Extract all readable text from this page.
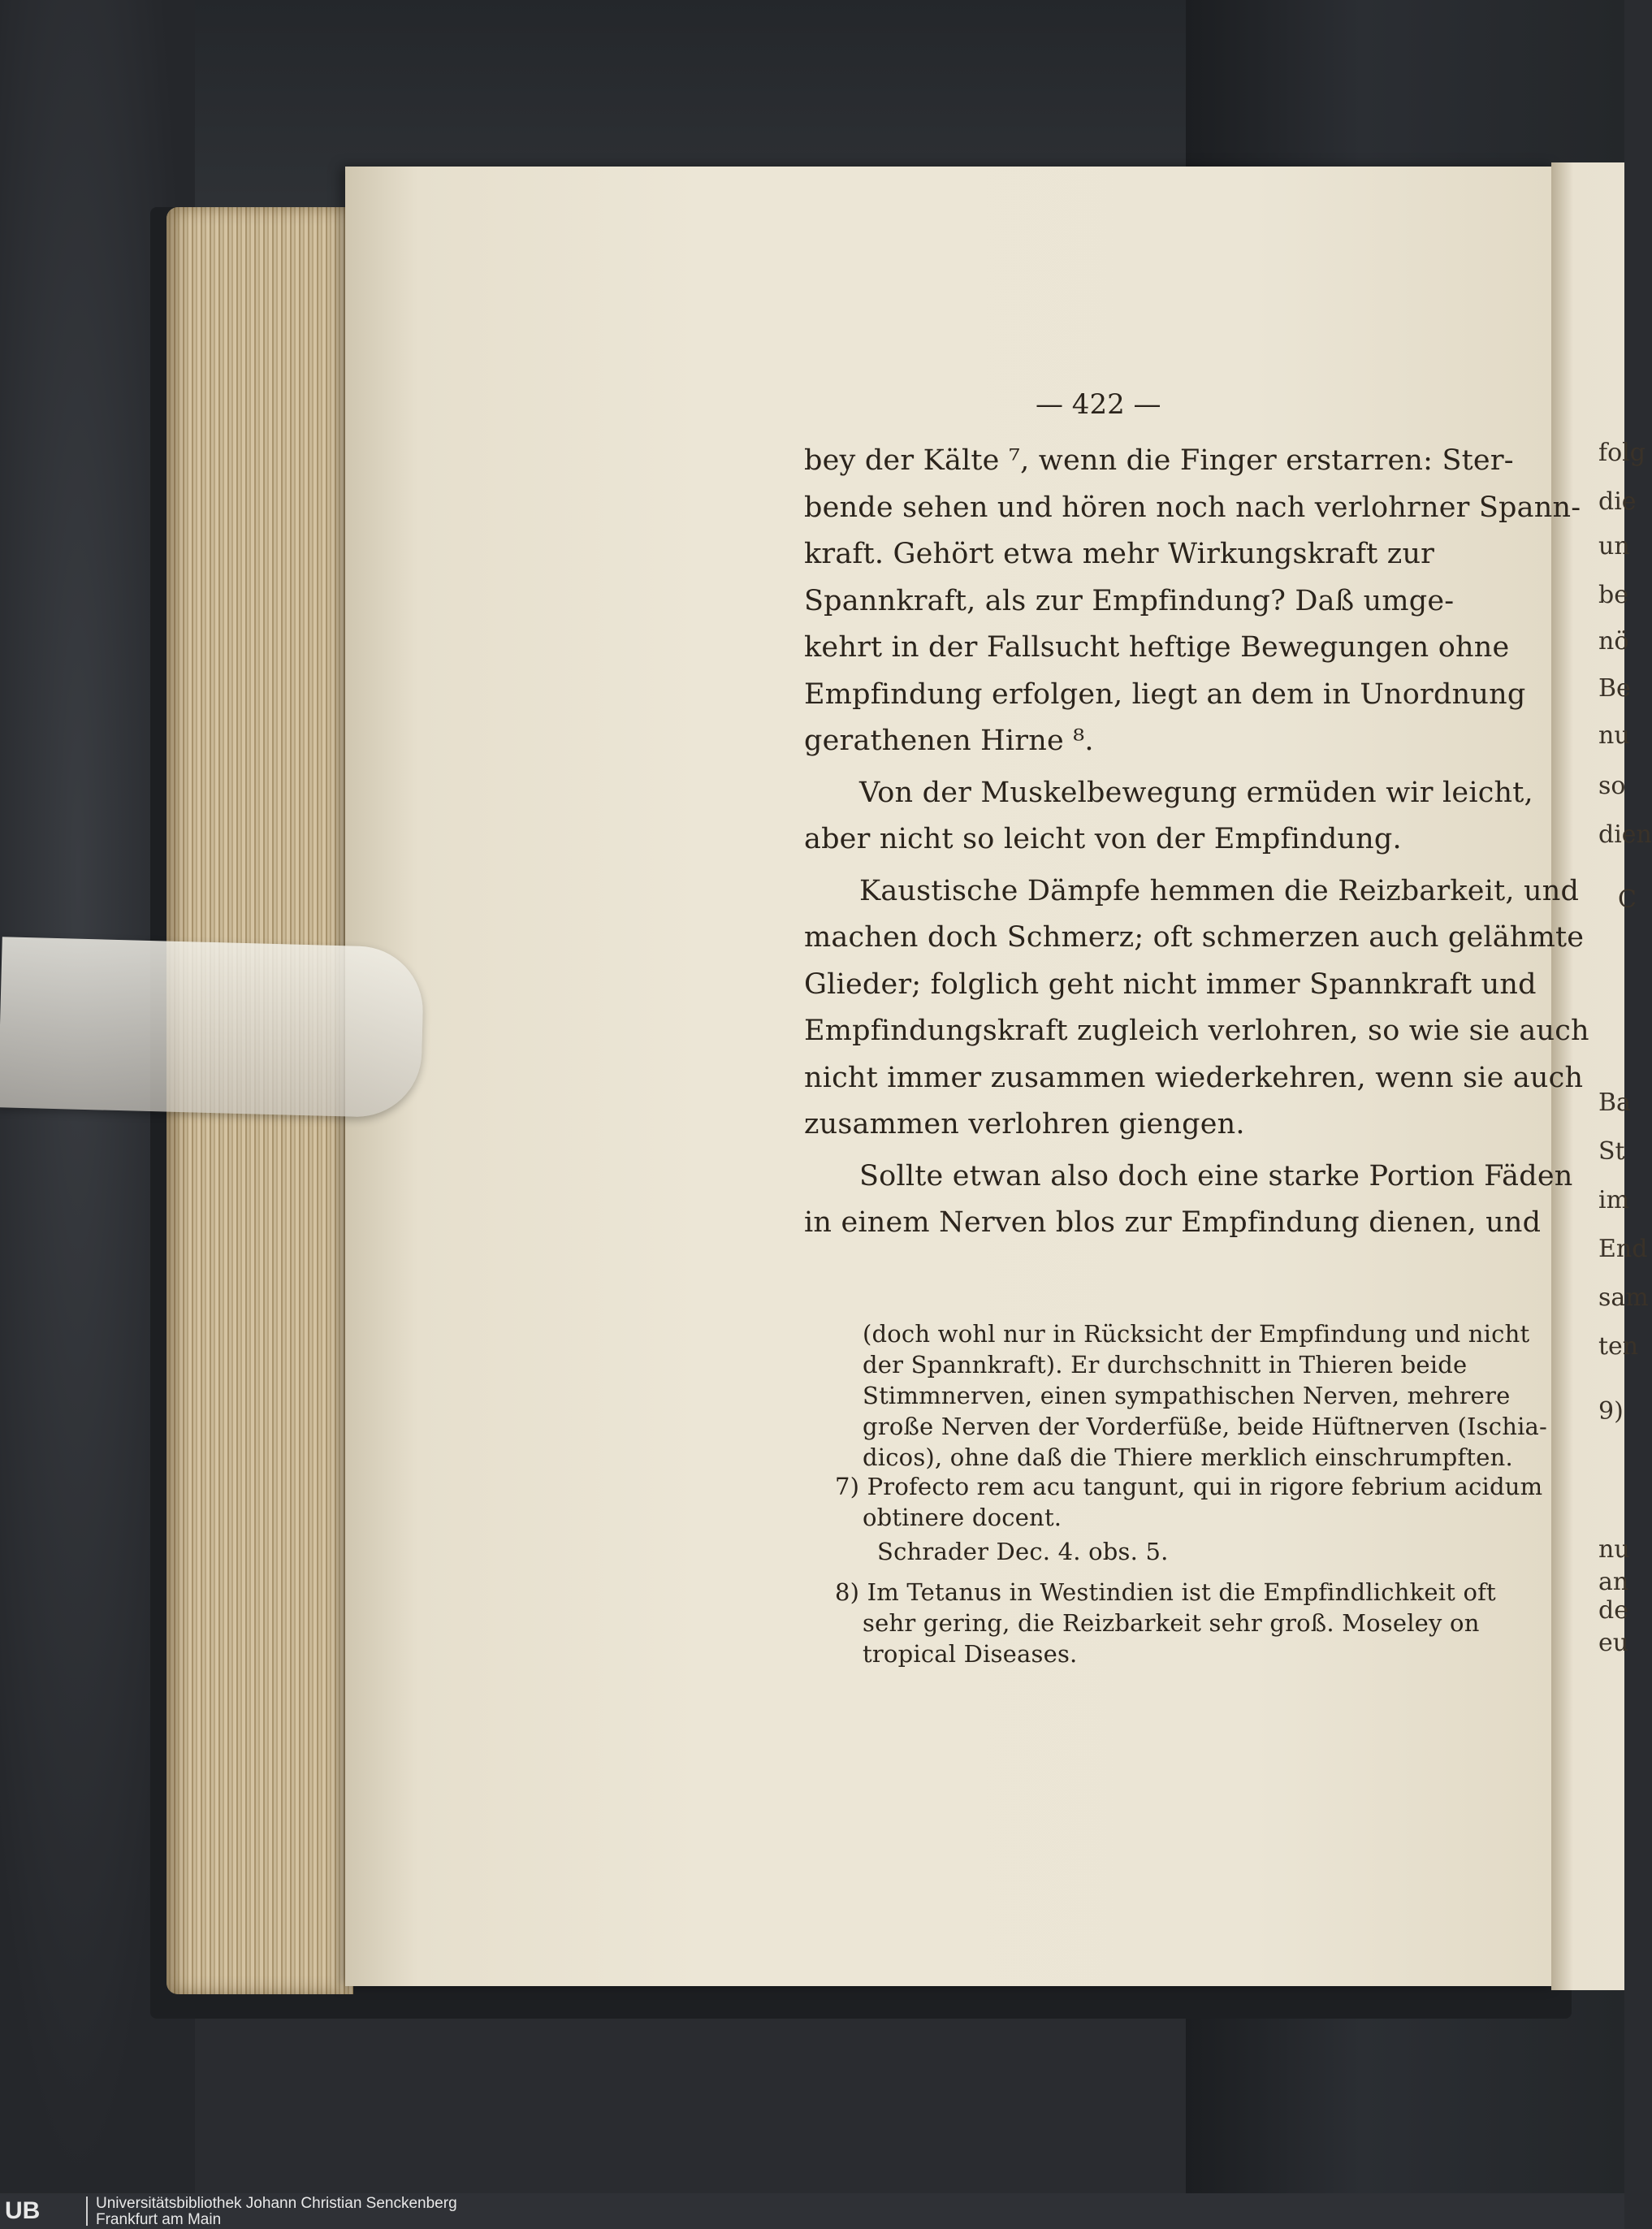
folg
die
un
be
nö
Be
nu
so
dien
C
Ba
St
im
End
sam
ten
9)
nu
an
de
eu
— 422 —
bey der Kälte ⁷, wenn die Finger erstarren: Ster-
bende sehen und hören noch nach verlohrner Spann-
kraft. Gehört etwa mehr Wirkungskraft zur
Spannkraft, als zur Empfindung? Daß umge-
kehrt in der Fallsucht heftige Bewegungen ohne
Empfindung erfolgen, liegt an dem in Unordnung
gerathenen Hirne ⁸.
Von der Muskelbewegung ermüden wir leicht,
aber nicht so leicht von der Empfindung.
Kaustische Dämpfe hemmen die Reizbarkeit, und
machen doch Schmerz; oft schmerzen auch gelähmte
Glieder; folglich geht nicht immer Spannkraft und
Empfindungskraft zugleich verlohren, so wie sie auch
nicht immer zusammen wiederkehren, wenn sie auch
zusammen verlohren giengen.
Sollte etwan also doch eine starke Portion Fäden
in einem Nerven blos zur Empfindung dienen, und
(doch wohl nur in Rücksicht der Empfindung und nicht
der Spannkraft). Er durchschnitt in Thieren beide
Stimmnerven, einen sympathischen Nerven, mehrere
große Nerven der Vorderfüße, beide Hüftnerven (Ischia-
dicos), ohne daß die Thiere merklich einschrumpften.
7) Profecto rem acu tangunt, qui in rigore febrium acidum
obtinere docent.
Schrader Dec. 4. obs. 5.
8) Im Tetanus in Westindien ist die Empfindlichkeit oft
sehr gering, die Reizbarkeit sehr groß. Moseley on
tropical Diseases.
UB	Universitätsbibliothek Johann Christian Senckenberg
Frankfurt am Main
